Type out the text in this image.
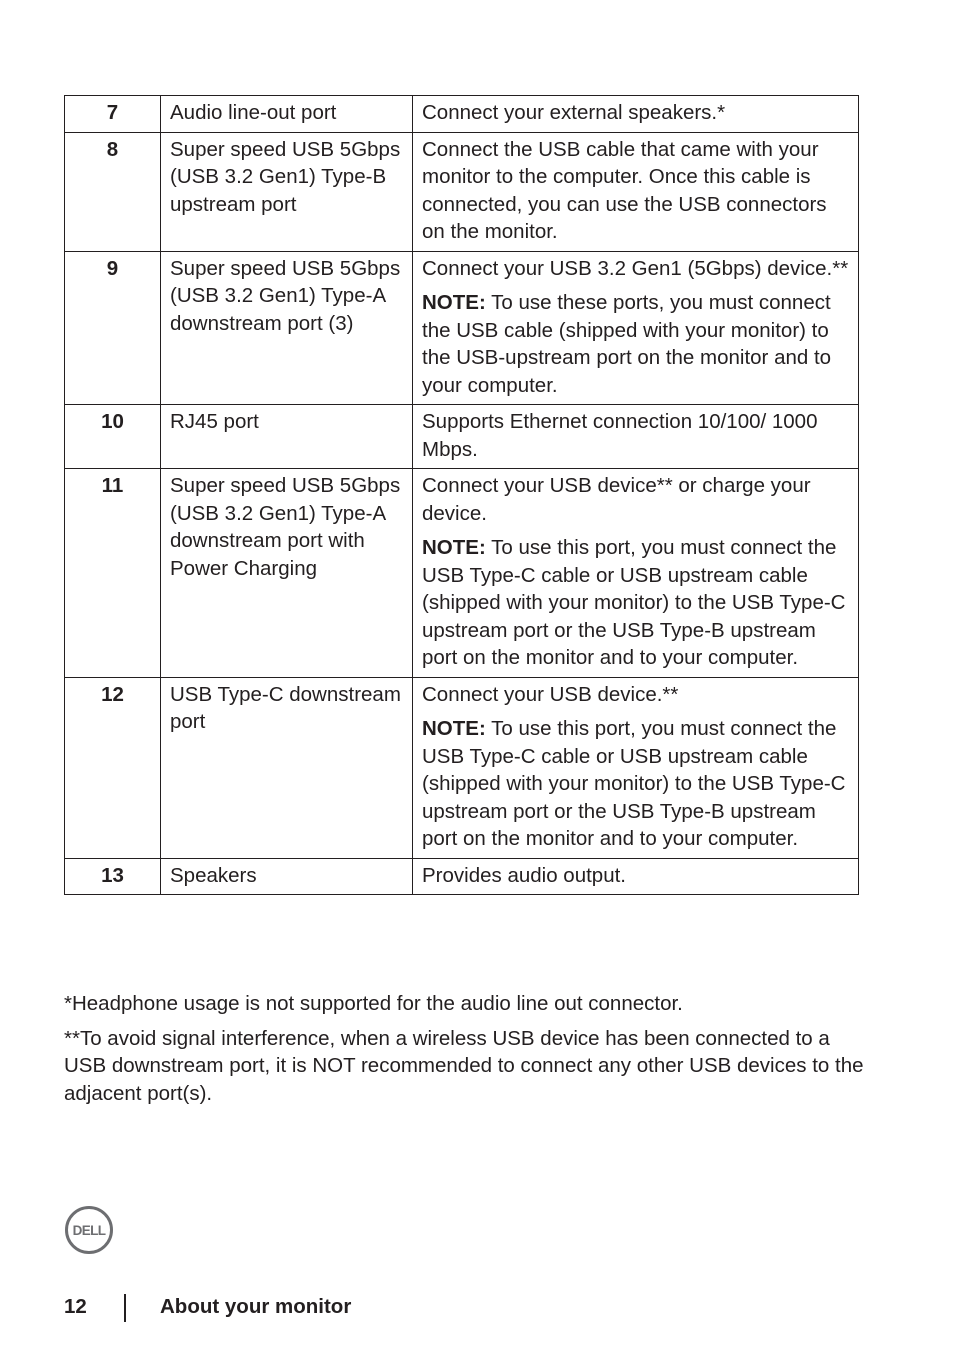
7	Audio line-out port	Connect your external speakers.*

8	Super speed USB 5Gbps (USB 3.2 Gen1) Type-B upstream port	Connect the USB cable that came with your monitor to the computer. Once this cable is connected, you can use the USB connectors on the monitor.

9	Super speed USB 5Gbps (USB 3.2 Gen1) Type-A downstream port (3)	Connect your USB 3.2 Gen1 (5Gbps) device.**

NOTE: To use these ports, you must connect the USB cable (shipped with your monitor) to the USB-upstream port on the monitor and to your computer.

10	RJ45 port	Supports Ethernet connection 10/100/ 1000 Mbps.

11	Super speed USB 5Gbps (USB 3.2 Gen1) Type-A downstream port with Power Charging	Connect your USB device** or charge your device.

NOTE: To use this port, you must connect the USB Type-C cable or USB upstream cable (shipped with your monitor) to the USB Type-C upstream port or the USB Type-B upstream port on the monitor and to your computer.

12	USB Type-C downstream port	Connect your USB device.**

NOTE: To use this port, you must connect the USB Type-C cable or USB upstream cable (shipped with your monitor) to the USB Type-C upstream port or the USB Type-B upstream port on the monitor and to your computer.

13	Speakers	Provides audio output.

*Headphone usage is not supported for the audio line out connector.

**To avoid signal interference, when a wireless USB device has been connected to a USB downstream port, it is NOT recommended to connect any other USB devices to the adjacent port(s).

DELL
12	About your monitor
